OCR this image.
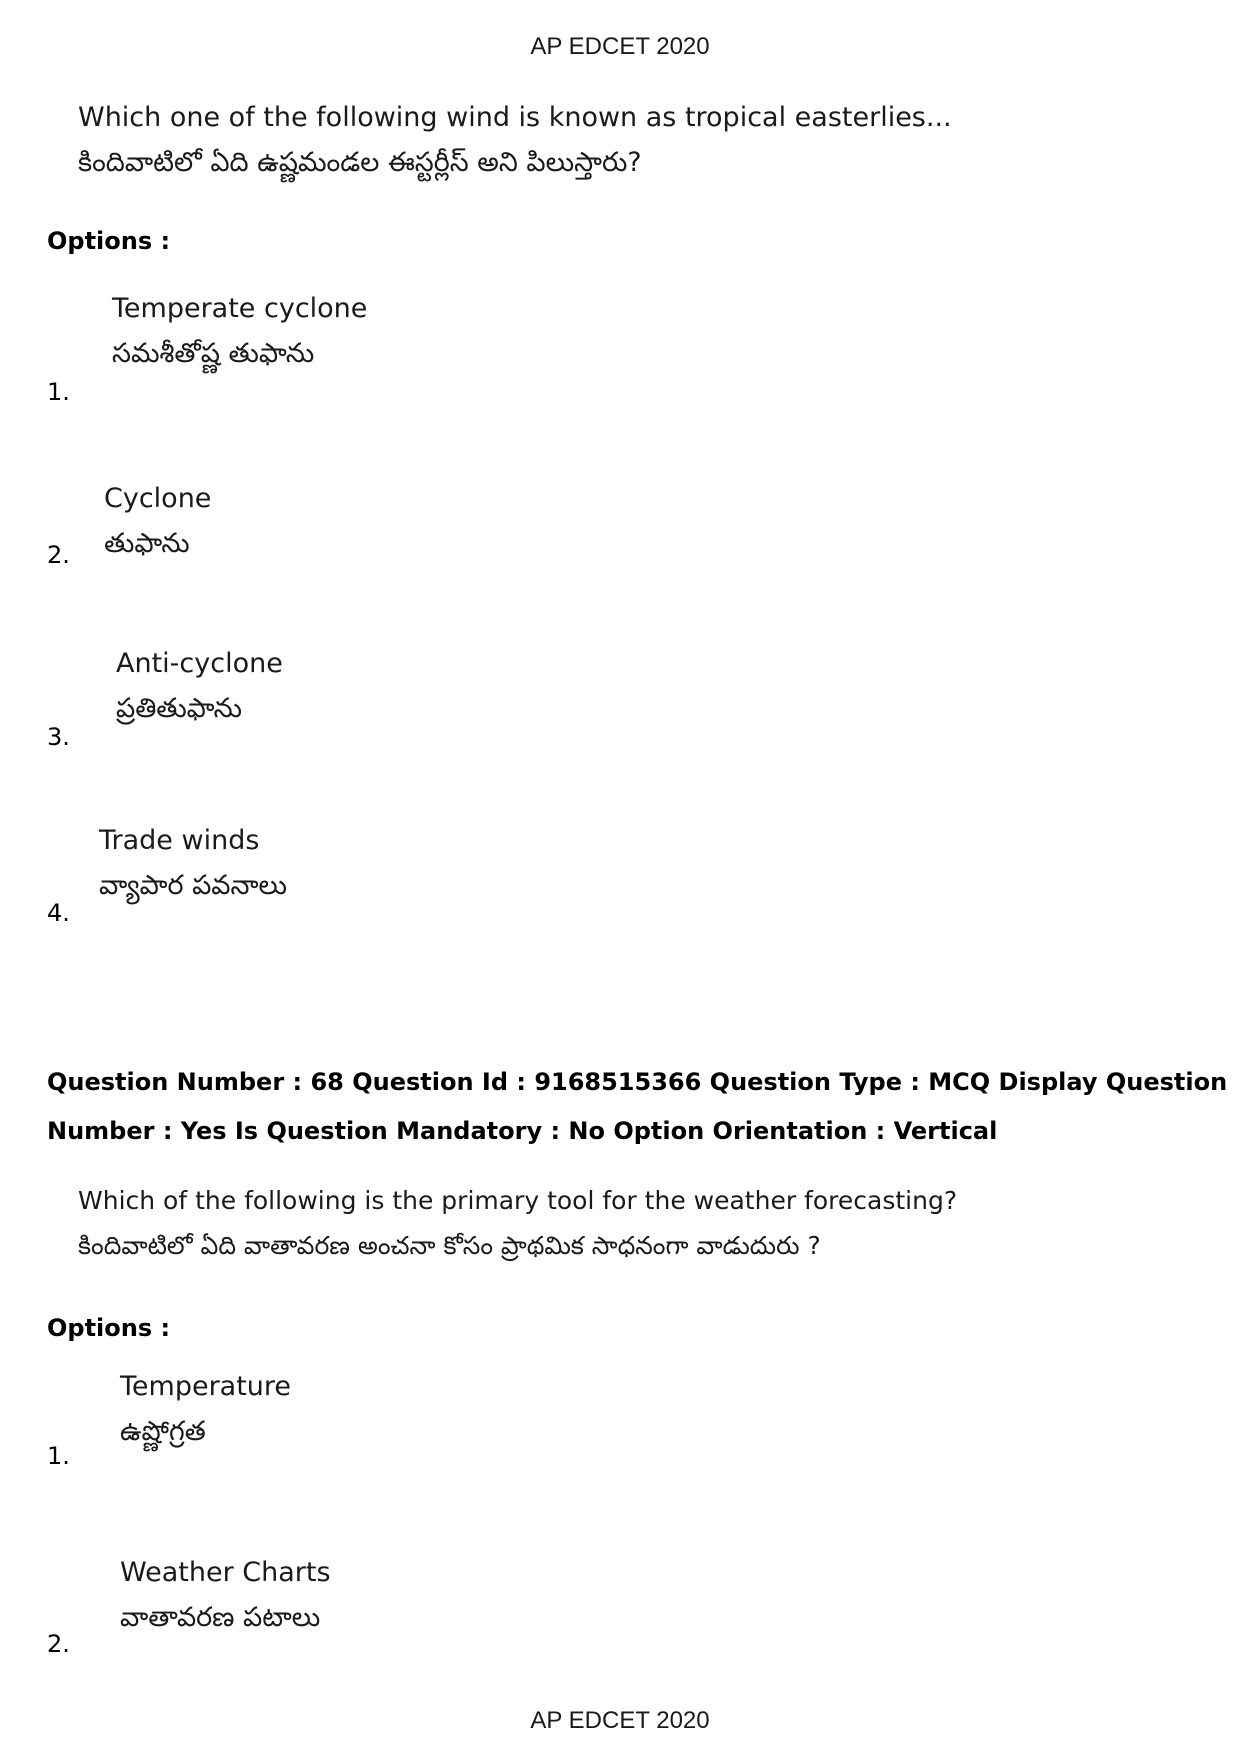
AP EDCET 2020
Which one of the following wind is known as tropical easterlies...
కిందివాటిలో ఏది ఉష్ణమండల ఈస్టర్లీస్ అని పిలుస్తారు?
Options :
Temperate cyclone
సమశీతోష్ణ తుఫాను
1.
Cyclone
తుఫాను
2.
Anti-cyclone
ప్రతితుఫాను
3.
Trade winds
వ్యాపార పవనాలు
4.
Question Number : 68 Question Id : 9168515366 Question Type : MCQ Display Question
Number : Yes Is Question Mandatory : No Option Orientation : Vertical
Which of the following is the primary tool for the weather forecasting?
కిందివాటిలో ఏది వాతావరణ అంచనా కోసం ప్రాథమిక సాధనంగా వాడుదురు ?
Options :
Temperature
ఉష్ణోగ్రత
1.
Weather Charts
వాతావరణ పటాలు
2.
AP EDCET 2020
